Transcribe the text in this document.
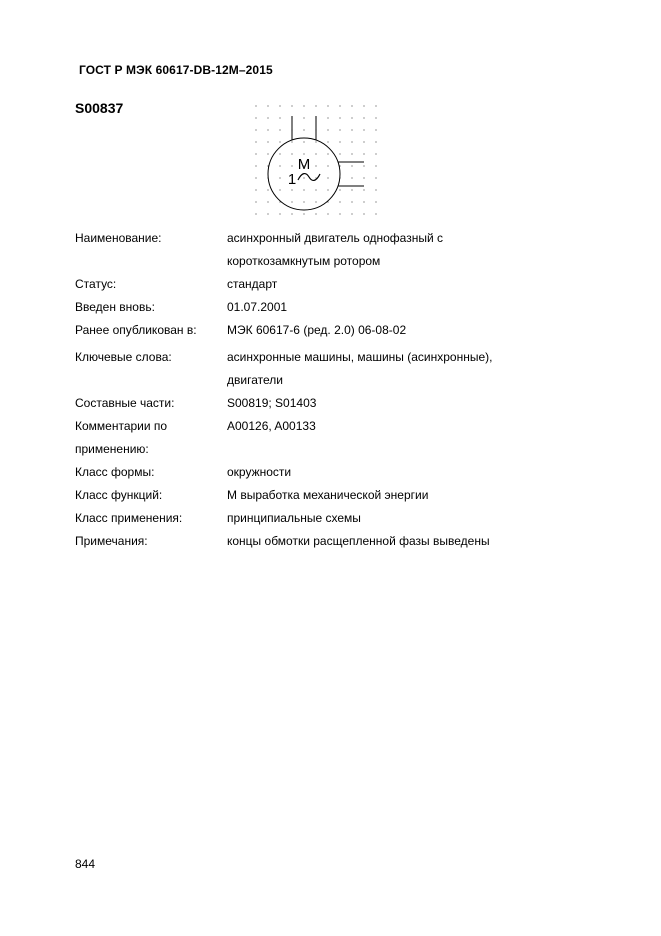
ГОСТ Р МЭК 60617-DB-12M–2015
S00837
M
1
Наименование:	асинхронный двигатель однофазный с
короткозамкнутым ротором
Статус:	стандарт
Введен вновь:	01.07.2001
Ранее опубликован в:	МЭК 60617-6 (ред. 2.0) 06-08-02
Ключевые слова:	асинхронные машины, машины (асинхронные),
двигатели
Составные части:	S00819; S01403
Комментарии по
применению:
A00126, A00133
Класс формы:	окружности
Класс функций:	M выработка механической энергии
Класс применения:	принципиальные схемы
Примечания:	концы обмотки расщепленной фазы выведены
844
